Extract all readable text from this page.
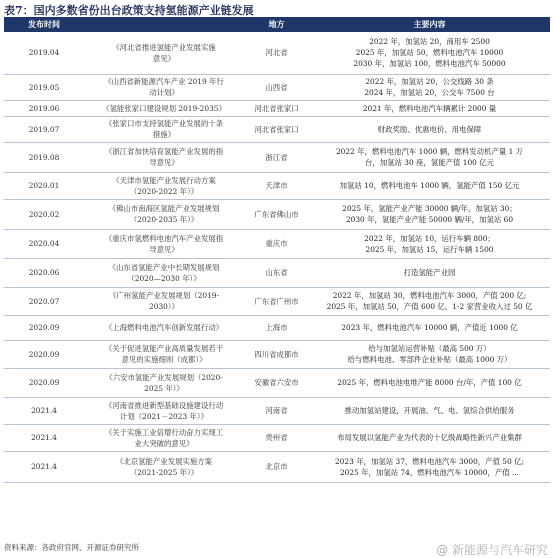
表7：国内多数省份出台政策支持氢能源产业链发展
发布时间		地方	主要内容
2019.04	《河北省推进氢能产业发展实施
意见》	河北省	2022 年，加氢站 20，商用车 2500
2025 年，加氢站 50，燃料电池汽车 10000
2030 年，加氢站 100，燃料电池汽车 50000

2019.05	《山西省新能源汽车产业 2019 年行
动计划》	山西省	2022 年，加氢站 20，公交线路 30 条
2024 年，加氢站 20，公交车 7500 台

2019.06	《氢能张家口建设规划 2019-2035》	河北省张家口	2021 年，燃料电池汽车辆累计 2000 量

2019.07	《张家口市支持氢能产业发展的十条
措施》	河北省张家口	财政奖励、优惠电价、用电保障

2019.08	《浙江省加快培育氢能产业发展的指
导意见》	浙江省	2022 年，燃料电池汽车 1000 辆，燃料发动机产量 1 万
台，加氢站 30 座，氢能产值 100 亿元

2020.01	《天津市氢能产业发展行动方案
（2020-2022 年）》	天津市	加氢站 10，燃料电池车 1000 辆，氢能产值 150 亿元

2020.02	《佛山市南海区氢能产业发展规划
（2020-2035 年）》	广东省佛山市	2025 年，氢能产业产能 30000 辆/年，加氢站 30；
2030 年，氢能产业产能 50000 辆/年，加氢站 60

2020.04	《重庆市氢燃料电池汽车产业发展指
导意见》	重庆市	2022 年，加氢站 10，运行车辆 800；
2025 年，加氢站 15，运行车辆 1500

2020.06	《山东省氢能产业中长期发展规划
（2020—2030 年）》	山东省	打造氢能产业园

2020.07	《广州氢能产业发展规划（2019-
2030）》	广东省广州市	2022 年，加氢站 30，燃料电池汽车 3000，产值 200 亿;
2025 年，加氢站 50，产值 600 亿，1-2 家营业收入过 50 亿

2020.09	《上海燃料电池汽车创新发展行动》	上海市	2023 年，燃料电池汽车 10000 辆，产值近 1000 亿

2020.09	《关于促进氢能产业高质量发展若干
意见的实施细则（成都）》	四川省成都市	给与加氢站运营补贴（最高 500 万）
给与燃料电池、零部件企业补贴（最高 1000 万）

2020.09	《六安市氢能产业发展规划（2020-
2025 年）》	安徽省六安市	2025 年，燃料电池电堆产能 8000 台/年，产值 100 亿

2021.4	《河南省推进新型基础设施建设行动
计划（2021－2023 年）》	河南省	推动加氢站建设，开展油、气、电、氢综合供给服务

2021.4	《关于实施工业倍增行动奋力实现工
业大突破的意见》	贵州省	布局发展以氢能产业为代表的十亿级战略性新兴产业集群

2021.4	《北京氢能产业发展实施方案
（2021-2025 年）》	北京市	2023 年，加氢站 37，燃料电池汽车 3000，产值 50 亿;
2025 年，加氢站 74，燃料电池汽车 10000，产值 ...
资料来源：各政府官网、开源证券研究所	@ 新能源与汽车研究
